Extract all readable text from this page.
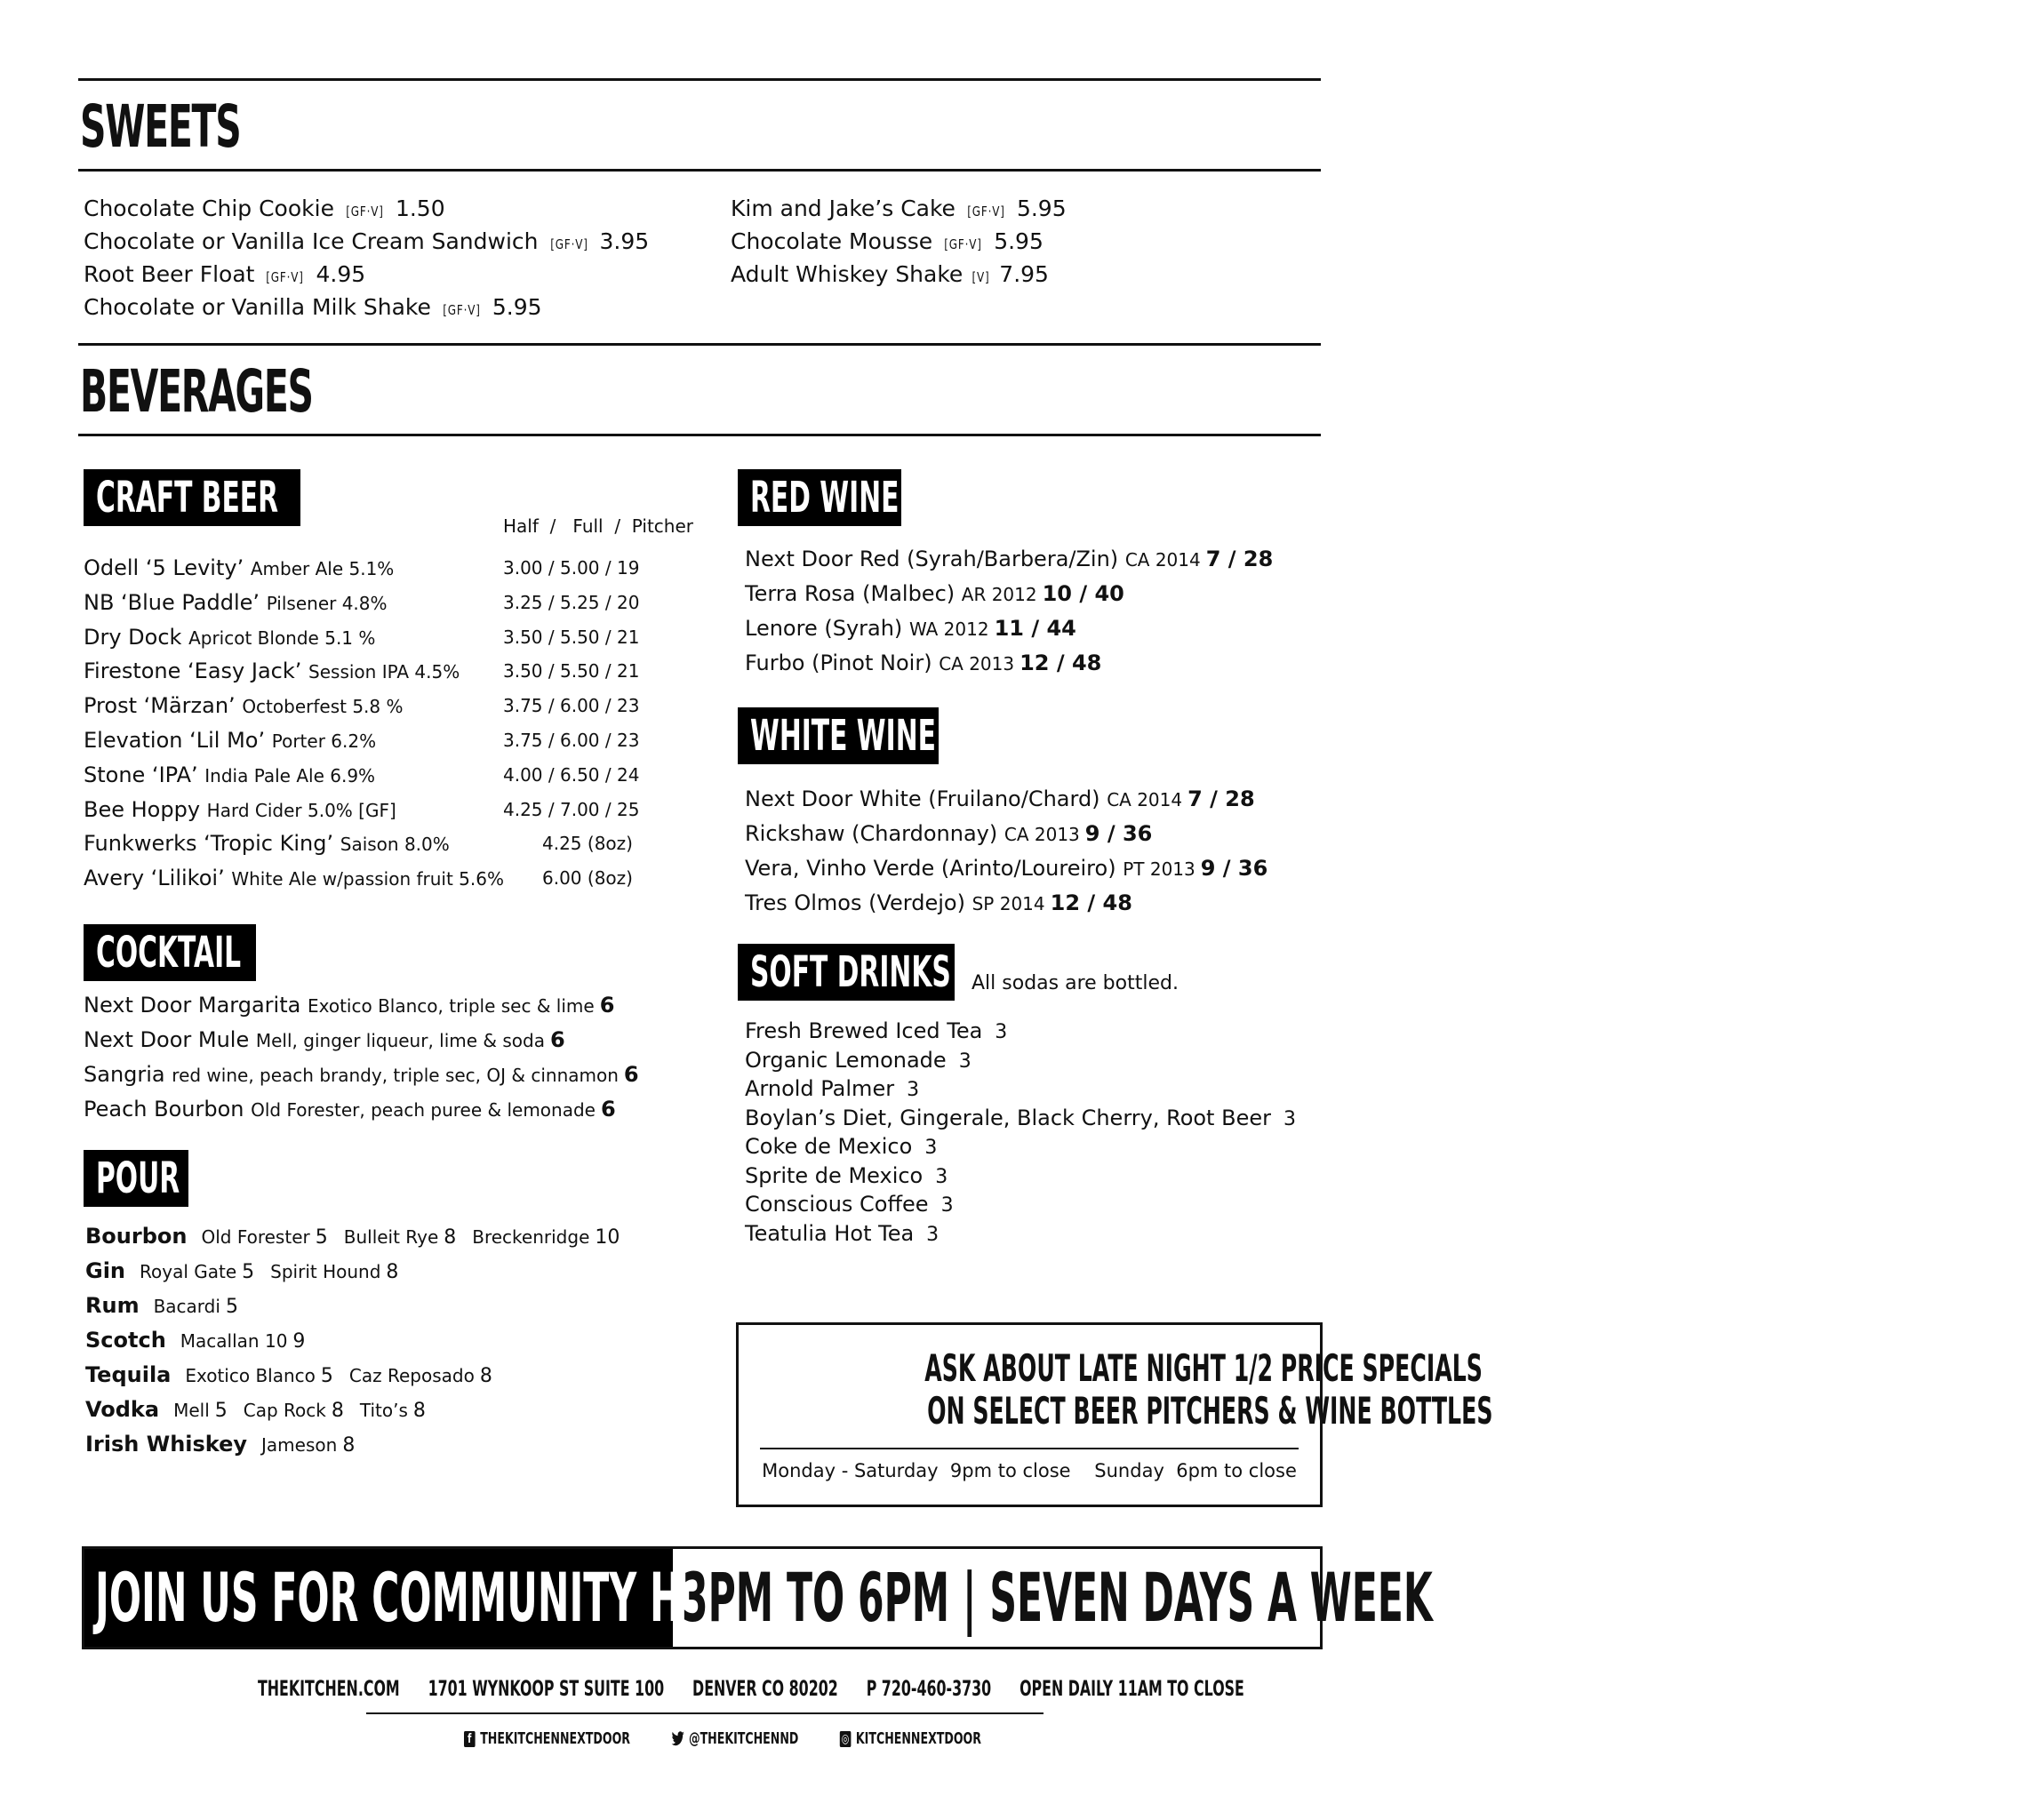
SWEETS
Chocolate Chip Cookie [GF·V] 1.50
Chocolate or Vanilla Ice Cream Sandwich [GF·V] 3.95
Root Beer Float [GF·V] 4.95
Chocolate or Vanilla Milk Shake [GF·V] 5.95
Kim and Jake’s Cake [GF·V] 5.95
Chocolate Mousse [GF·V] 5.95
Adult Whiskey Shake [V] 7.95
BEVERAGES
CRAFT BEER
Half  /   Full  /  Pitcher
Odell ‘5 Levity’ Amber Ale 5.1%	3.00 / 5.00 / 19
NB ‘Blue Paddle’ Pilsener 4.8%	3.25 / 5.25 / 20
Dry Dock Apricot Blonde 5.1 %	3.50 / 5.50 / 21
Firestone ‘Easy Jack’ Session IPA 4.5% 3.50 / 5.50 / 21
Prost ‘Märzan’ Octoberfest 5.8 %	3.75 / 6.00 / 23
Elevation ‘Lil Mo’ Porter 6.2%	3.75 / 6.00 / 23
Stone ‘IPA’ India Pale Ale 6.9%	4.00 / 6.50 / 24
Bee Hoppy Hard Cider 5.0% [GF]	4.25 / 7.00 / 25
Funkwerks ‘Tropic King’ Saison 8.0%	4.25 (8oz)
Avery ‘Lilikoi’ White Ale w/passion fruit 5.6% 6.00 (8oz)
COCKTAIL
Next Door Margarita Exotico Blanco, triple sec & lime 6
Next Door Mule Mell, ginger liqueur, lime & soda 6
Sangria red wine, peach brandy, triple sec, OJ & cinnamon 6
Peach Bourbon Old Forester, peach puree & lemonade 6
POUR
Bourbon Old Forester 5 Bulleit Rye 8 Breckenridge 10
Gin Royal Gate 5 Spirit Hound 8
Rum Bacardi 5
Scotch Macallan 10 9
Tequila Exotico Blanco 5 Caz Reposado 8
Vodka Mell 5 Cap Rock 8 Tito’s 8
Irish Whiskey Jameson 8
RED WINE
Next Door Red (Syrah/Barbera/Zin) CA 2014 7 / 28
Terra Rosa (Malbec) AR 2012 10 / 40
Lenore (Syrah) WA 2012 11 / 44
Furbo (Pinot Noir) CA 2013 12 / 48
WHITE WINE
Next Door White (Fruilano/Chard) CA 2014 7 / 28
Rickshaw (Chardonnay) CA 2013 9 / 36
Vera, Vinho Verde (Arinto/Loureiro) PT 2013 9 / 36
Tres Olmos (Verdejo) SP 2014 12 / 48
SOFT DRINKS All sodas are bottled.
Fresh Brewed Iced Tea 3
Organic Lemonade 3
Arnold Palmer 3
Boylan’s Diet, Gingerale, Black Cherry, Root Beer 3
Coke de Mexico 3
Sprite de Mexico 3
Conscious Coffee 3
Teatulia Hot Tea 3
ASK ABOUT LATE NIGHT 1/2 PRICE SPECIALS
ON SELECT BEER PITCHERS & WINE BOTTLES
Monday - Saturday  9pm to close    Sunday  6pm to close
JOIN US FOR COMMUNITY HOUR
3PM TO 6PM | SEVEN DAYS A WEEK
THEKITCHEN.COM 1701 WYNKOOP ST SUITE 100 DENVER CO 80202 P 720-460-3730 OPEN DAILY 11AM TO CLOSE
f THEKITCHENNEXTDOOR	@THEKITCHENND	◎ KITCHENNEXTDOOR
